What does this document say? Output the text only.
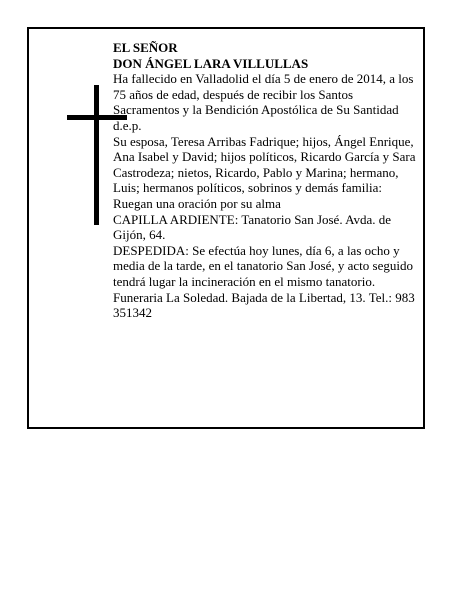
EL SEÑOR

DON ÁNGEL LARA VILLULLAS

Ha fallecido en Valladolid el día 5 de enero de 2014, a los 75 años de edad, después de recibir los Santos Sacramentos y la Bendición Apostólica de Su Santidad d.e.p.

Su esposa, Teresa Arribas Fadrique; hijos, Ángel Enrique, Ana Isabel y David; hijos políticos, Ricardo García y Sara Castrodeza; nietos, Ricardo, Pablo y Marina; hermano, Luis; hermanos políticos, sobrinos y demás familia:

Ruegan una oración por su alma

CAPILLA ARDIENTE: Tanatorio San José. Avda. de Gijón, 64.

DESPEDIDA: Se efectúa hoy lunes, día 6, a las ocho y media de la tarde, en el tanatorio San José, y acto seguido tendrá lugar la incineración en el mismo tanatorio.

Funeraria La Soledad. Bajada de la Libertad, 13. Tel.: 983 351342
